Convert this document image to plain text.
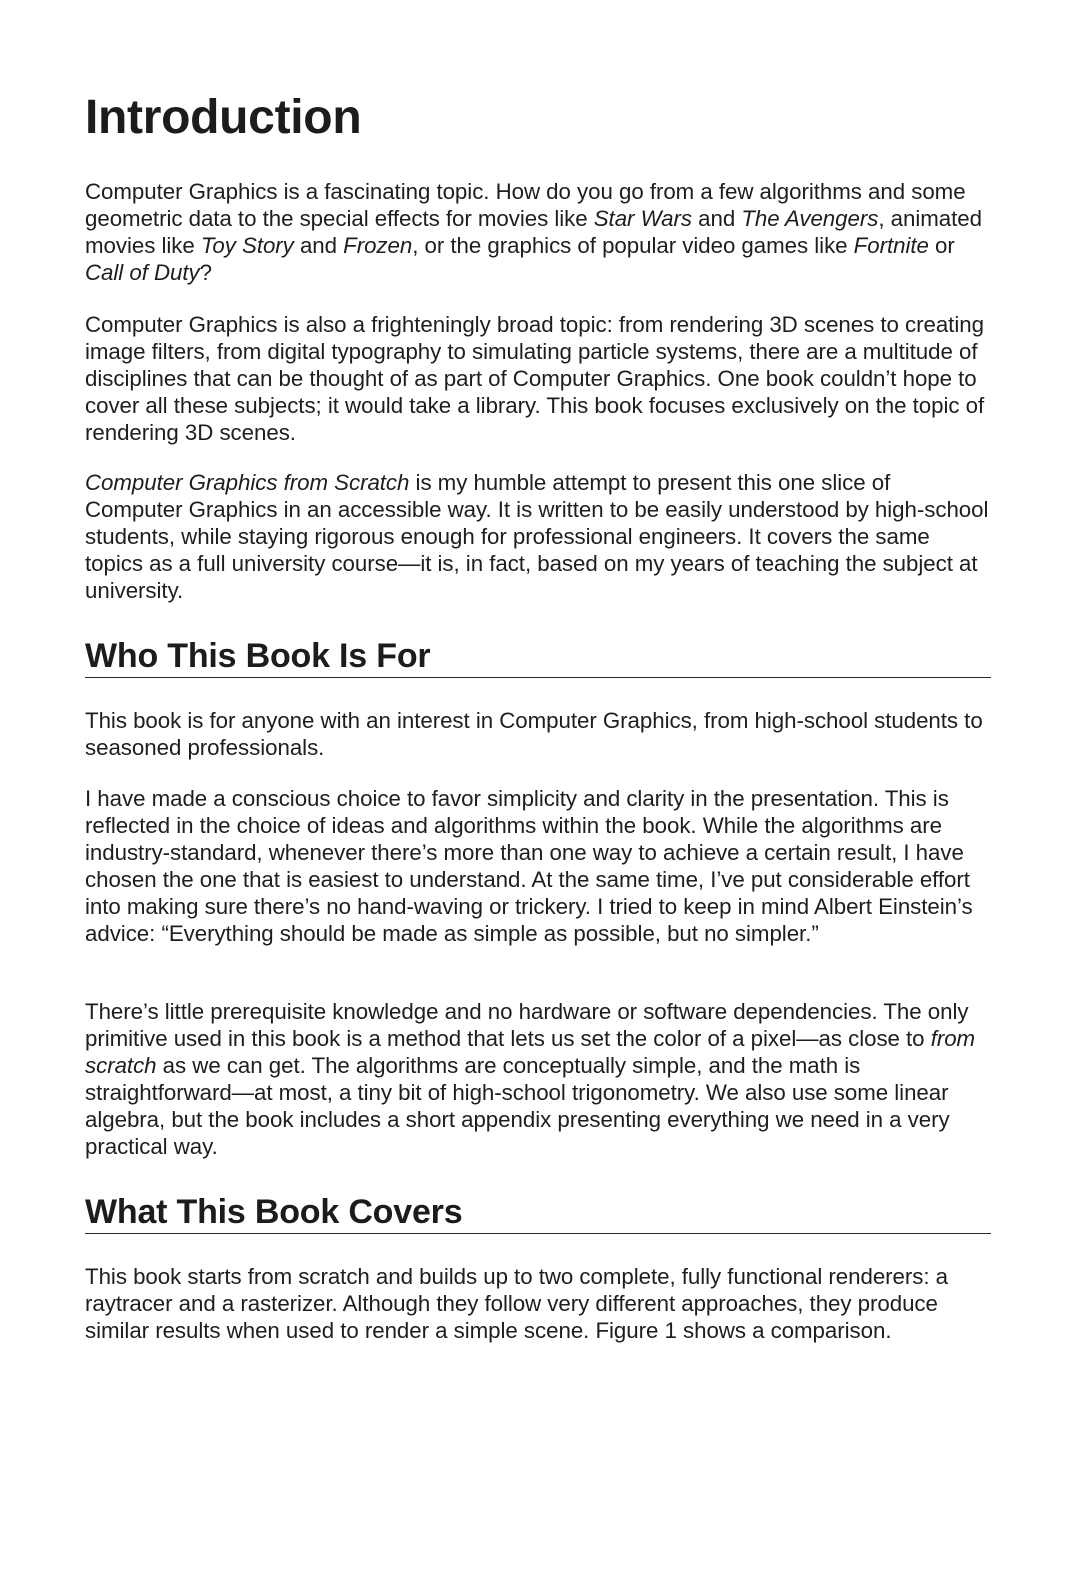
Introduction

Computer Graphics is a fascinating topic. How do you go from a few algorithms and some geometric data to the special effects for movies like Star Wars and The Avengers, animated movies like Toy Story and Frozen, or the graphics of popular video games like Fortnite or Call of Duty?

Computer Graphics is also a frighteningly broad topic: from rendering 3D scenes to creating image filters, from digital typography to simulating particle systems, there are a multitude of disciplines that can be thought of as part of Computer Graphics. One book couldn’t hope to cover all these subjects; it would take a library. This book focuses exclusively on the topic of rendering 3D scenes.

Computer Graphics from Scratch is my humble attempt to present this one slice of Computer Graphics in an accessible way. It is written to be easily understood by high-school students, while staying rigorous enough for professional engineers. It covers the same topics as a full university course—it is, in fact, based on my years of teaching the subject at university.

Who This Book Is For

This book is for anyone with an interest in Computer Graphics, from high-school students to seasoned professionals.

I have made a conscious choice to favor simplicity and clarity in the presentation. This is reflected in the choice of ideas and algorithms within the book. While the algorithms are industry-standard, whenever there’s more than one way to achieve a certain result, I have chosen the one that is easiest to understand. At the same time, I’ve put considerable effort into making sure there’s no hand-waving or trickery. I tried to keep in mind Albert Einstein’s advice: “Everything should be made as simple as possible, but no simpler.”

There’s little prerequisite knowledge and no hardware or software dependencies. The only primitive used in this book is a method that lets us set the color of a pixel—as close to from scratch as we can get. The algorithms are conceptually simple, and the math is straightforward—at most, a tiny bit of high-school trigonometry. We also use some linear algebra, but the book includes a short appendix presenting everything we need in a very practical way.

What This Book Covers

This book starts from scratch and builds up to two complete, fully functional renderers: a raytracer and a rasterizer. Although they follow very different approaches, they produce similar results when used to render a simple scene. Figure 1 shows a comparison.
